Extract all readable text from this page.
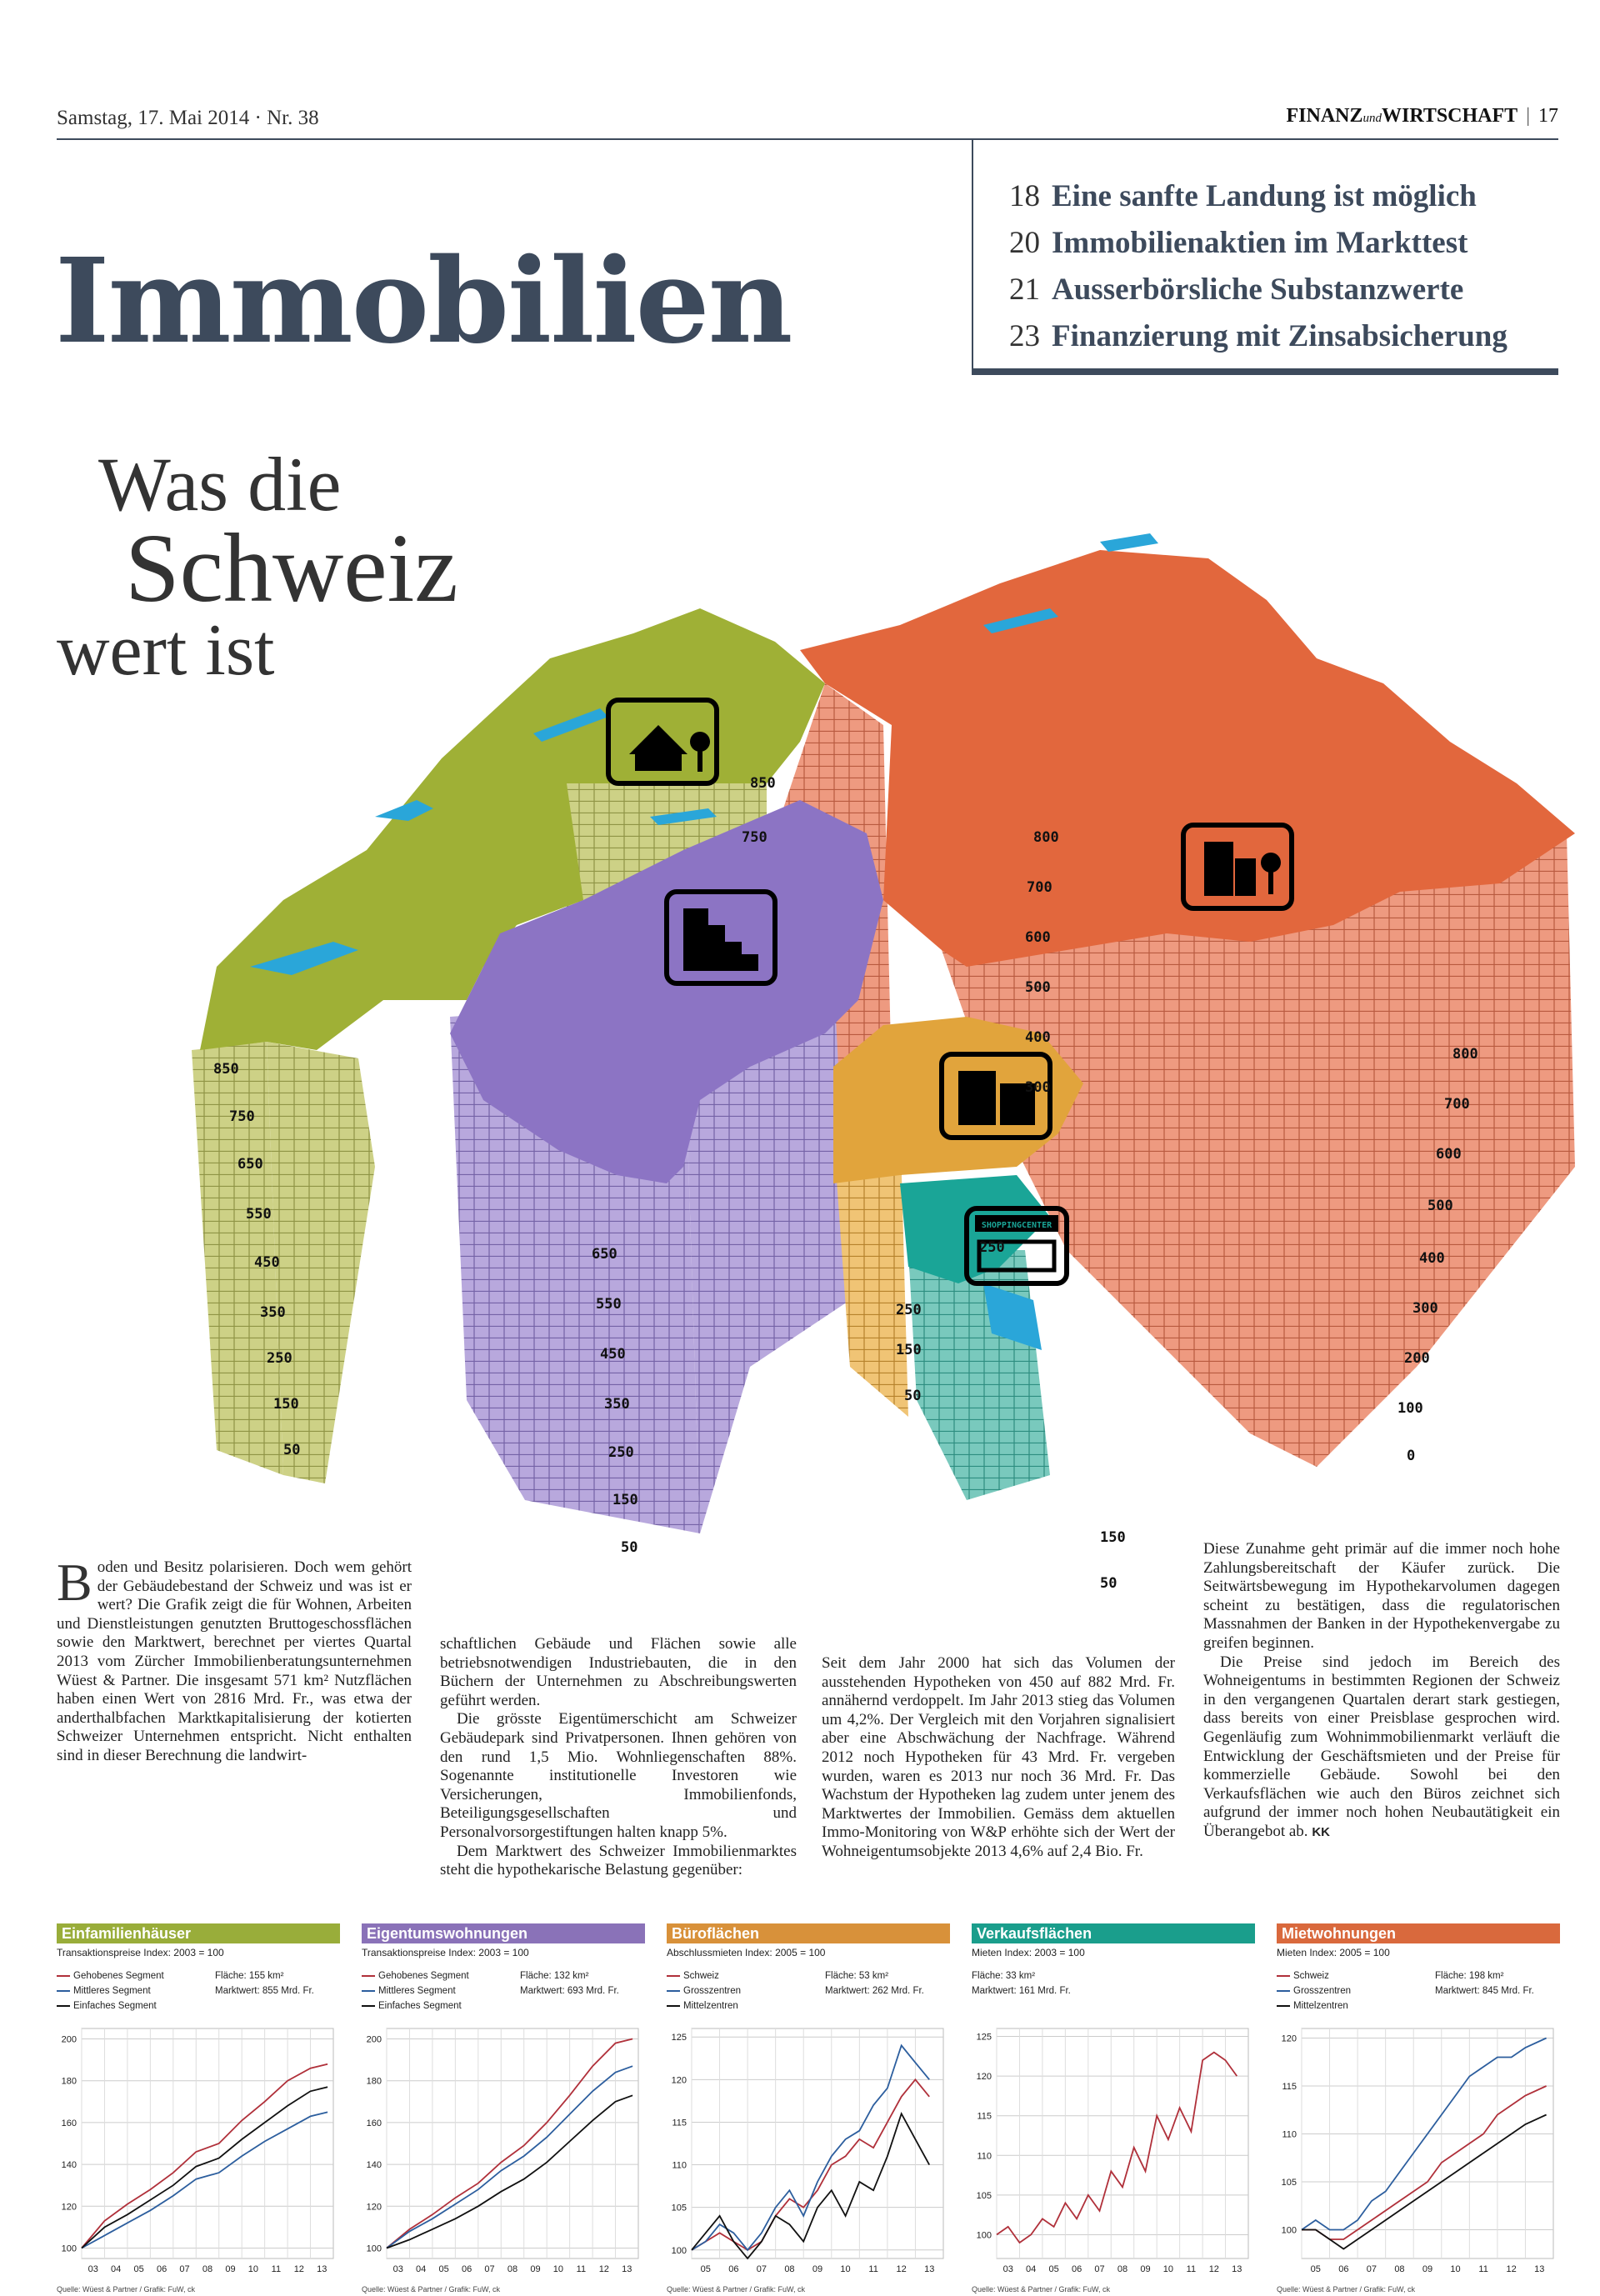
Samstag, 17. Mai 2014 · Nr. 38	FINANZundWIRTSCHAFT | 17
Immobilien
18 Eine sanfte Landung ist möglich
20 Immobilienaktien im Markttest
21 Ausserbörsliche Substanzwerte
23 Finanzierung mit Zinsabsicherung
Was die
Schweiz
wert ist
SHOPPINGCENTER
850
750
850
750
650
550
450
350
250
150
50
800
700
600
500
400
300
800
700
600
500
400
300
200
100
0
650
550
450
350
250
150
50
250
250
150
50
150
50

Boden und Besitz polarisieren. Doch wem gehört der Gebäudebestand der Schweiz und was ist er wert? Die Grafik zeigt die für Wohnen, Arbeiten und Dienstleistungen genutzten Bruttogeschossflächen sowie den Marktwert, berechnet per viertes Quartal 2013 vom Zürcher Immobilienberatungsunternehmen Wüest & Partner. Die insgesamt 571 km² Nutzflächen haben einen Wert von 2816 Mrd. Fr., was etwa der anderthalbfachen Marktkapitalisierung der kotierten Schweizer Unternehmen entspricht. Nicht enthalten sind in dieser Berechnung die landwirt-

schaftlichen Gebäude und Flächen sowie alle betriebsnotwendigen Industriebauten, die in den Büchern der Unternehmen zu Abschreibungswerten geführt werden.

Die grösste Eigentümerschicht am Schweizer Gebäudepark sind Privatpersonen. Ihnen gehören von den rund 1,5 Mio. Wohnliegenschaften 88%. Sogenannte institutionelle Investoren wie Versicherungen, Immobilienfonds, Beteiligungsgesellschaften und Personalvorsorgestiftungen halten knapp 5%.

Dem Marktwert des Schweizer Immobilienmarktes steht die hypothekarische Belastung gegenüber:

Seit dem Jahr 2000 hat sich das Volumen der ausstehenden Hypotheken von 450 auf 882 Mrd. Fr. annähernd verdoppelt. Im Jahr 2013 stieg das Volumen um 4,2%. Der Vergleich mit den Vorjahren signalisiert aber eine Abschwächung der Nachfrage. Während 2012 noch Hypotheken für 43 Mrd. Fr. vergeben wurden, waren es 2013 nur noch 36 Mrd. Fr. Das Wachstum der Hypotheken lag zudem unter jenem des Marktwertes der Immobilien. Gemäss dem aktuellen Immo-Monitoring von W&P erhöhte sich der Wert der Wohneigentumsobjekte 2013 4,6% auf 2,4 Bio. Fr.

Diese Zunahme geht primär auf die immer noch hohe Zahlungsbereitschaft der Käufer zurück. Die Seitwärtsbewegung im Hypothekarvolumen dagegen scheint zu bestätigen, dass die regulatorischen Massnahmen der Banken in der Hypothekenvergabe zu greifen beginnen.

Die Preise sind jedoch im Bereich des Wohneigentums in bestimmten Regionen der Schweiz in den vergangenen Quartalen derart stark gestiegen, dass bereits von einer Preisblase gesprochen wird. Gegenläufig zum Wohnimmobilienmarkt verläuft die Entwicklung der Geschäftsmieten und der Preise für kommerzielle Gebäude. Sowohl bei den Verkaufsflächen wie auch den Büros zeichnet sich aufgrund der immer noch hohen Neubautätigkeit ein Überangebot ab. KK

Einfamilienhäuser
Transaktionspreise Index: 2003 = 100
Gehobenes Segment
Mittleres Segment
Einfaches Segment
Fläche: 155 km²
Marktwert: 855 Mrd. Fr.
100
120
140
160
180
200
03 04 05 06 07 08 09 10 11 12 13
Quelle: Wüest & Partner / Grafik: FuW, ck
Eigentumswohnungen
Transaktionspreise Index: 2003 = 100
Gehobenes Segment
Mittleres Segment
Einfaches Segment
Fläche: 132 km²
Marktwert: 693 Mrd. Fr.
100
120
140
160
180
200
03 04 05 06 07 08 09 10 11 12 13
Quelle: Wüest & Partner / Grafik: FuW, ck
Büroflächen
Abschlussmieten Index: 2005 = 100
Schweiz
Grosszentren
Mittelzentren
Fläche: 53 km²
Marktwert: 262 Mrd. Fr.
100
105
110
115
120
125
05 06 07 08 09 10 11 12 13
Quelle: Wüest & Partner / Grafik: FuW, ck
Verkaufsflächen
Mieten Index: 2003 = 100
Fläche: 33 km²
Marktwert: 161 Mrd. Fr.
100
105
110
115
120
125
03 04 05 06 07 08 09 10 11 12 13
Quelle: Wüest & Partner / Grafik: FuW, ck
Mietwohnungen
Mieten Index: 2005 = 100
Schweiz
Grosszentren
Mittelzentren
Fläche: 198 km²
Marktwert: 845 Mrd. Fr.
100
105
110
115
120
05 06 07 08 09 10 11 12 13
Quelle: Wüest & Partner / Grafik: FuW, ck
